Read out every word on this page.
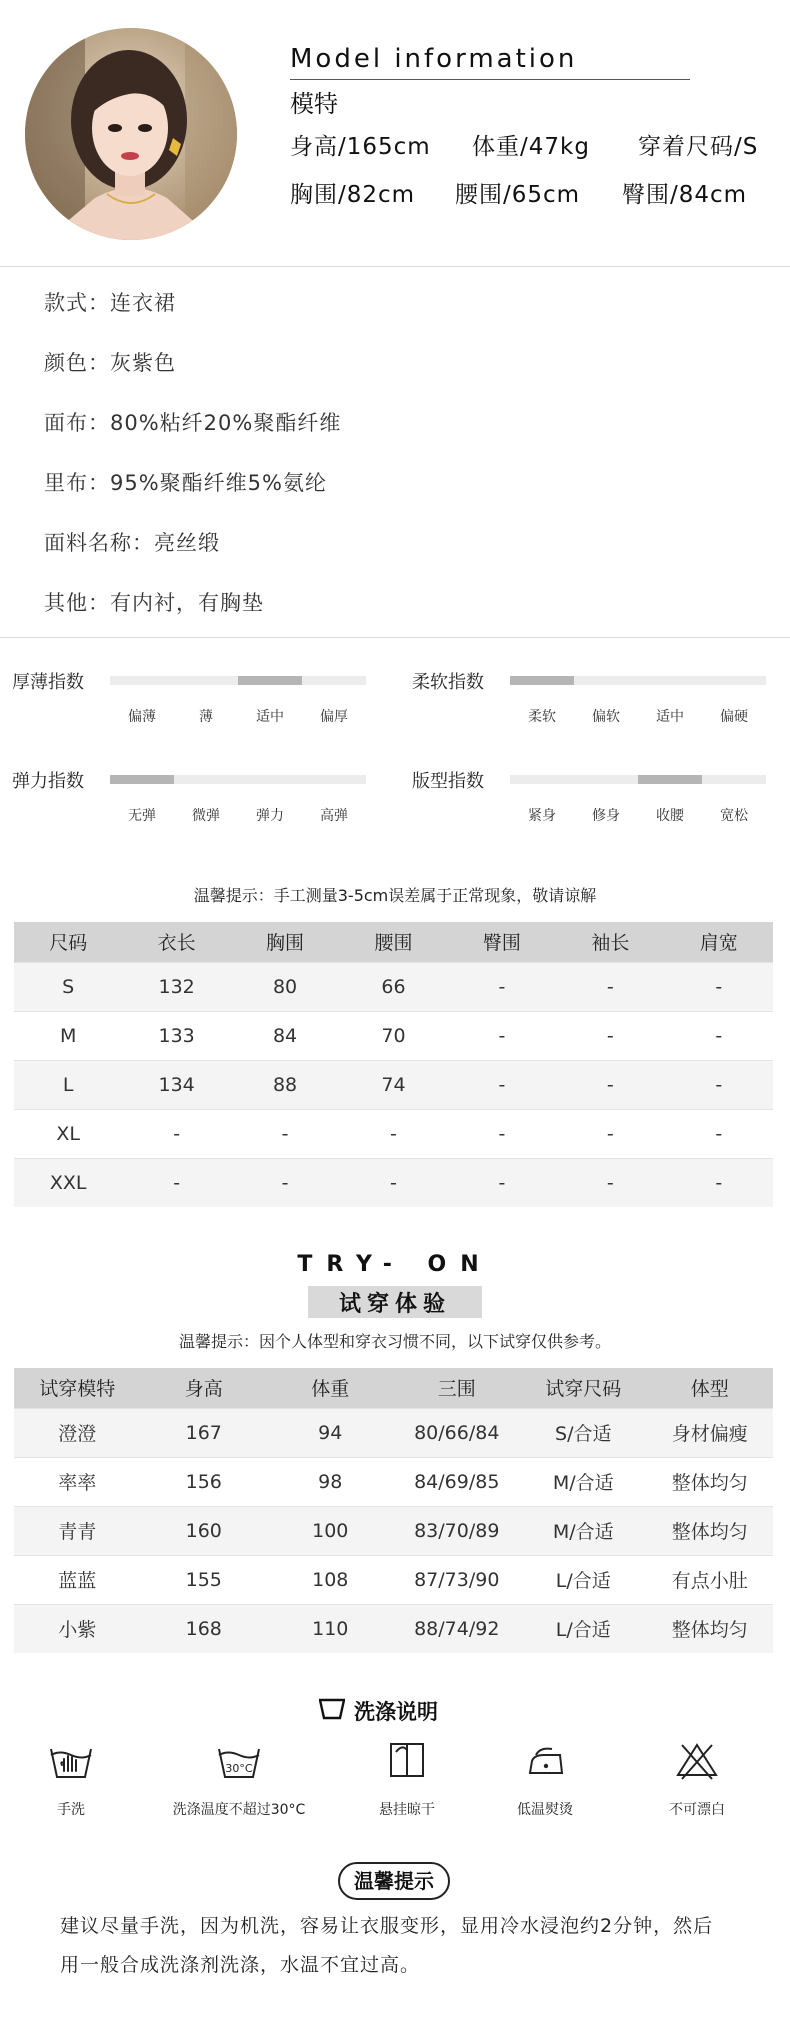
Model information
模特
身高/165cm 体重/47kg 穿着尺码/S
胸围/82cm 腰围/65cm 臀围/84cm
款式：连衣裙
颜色：灰紫色
面布：80%粘纤20%聚酯纤维
里布：95%聚酯纤维5%氨纶
面料名称：亮丝缎
其他：有内衬，有胸垫
厚薄指数
偏薄	薄	适中	偏厚
柔软指数
柔软	偏软	适中	偏硬
弹力指数
无弹	微弹	弹力	高弹
版型指数
紧身	修身	收腰	宽松
温馨提示：手工测量3-5cm误差属于正常现象，敬请谅解
尺码	衣长	胸围	腰围	臀围	袖长	肩宽
S	132	80	66	-	-	-
M	133	84	70	-	-	-
L	134	88	74	-	-	-
XL	-	-	-	-	-	-
XXL	-	-	-	-	-	-
TRY- ON
试穿体验
温馨提示：因个人体型和穿衣习惯不同，以下试穿仅供参考。
试穿模特	身高	体重	三围	试穿尺码	体型
澄澄	167	94	80/66/84	S/合适	身材偏瘦
率率	156	98	84/69/85	M/合适	整体均匀
青青	160	100	83/70/89	M/合适	整体均匀
蓝蓝	155	108	87/73/90	L/合适	有点小肚
小紫	168	110	88/74/92	L/合适	整体均匀
洗涤说明
手洗
30°C
洗涤温度不超过30°C	悬挂晾干	低温熨烫	不可漂白
温馨提示
建议尽量手洗，因为机洗，容易让衣服变形，显用冷水浸泡约2分钟，然后
用一般合成洗涤剂洗涤，水温不宜过高。
